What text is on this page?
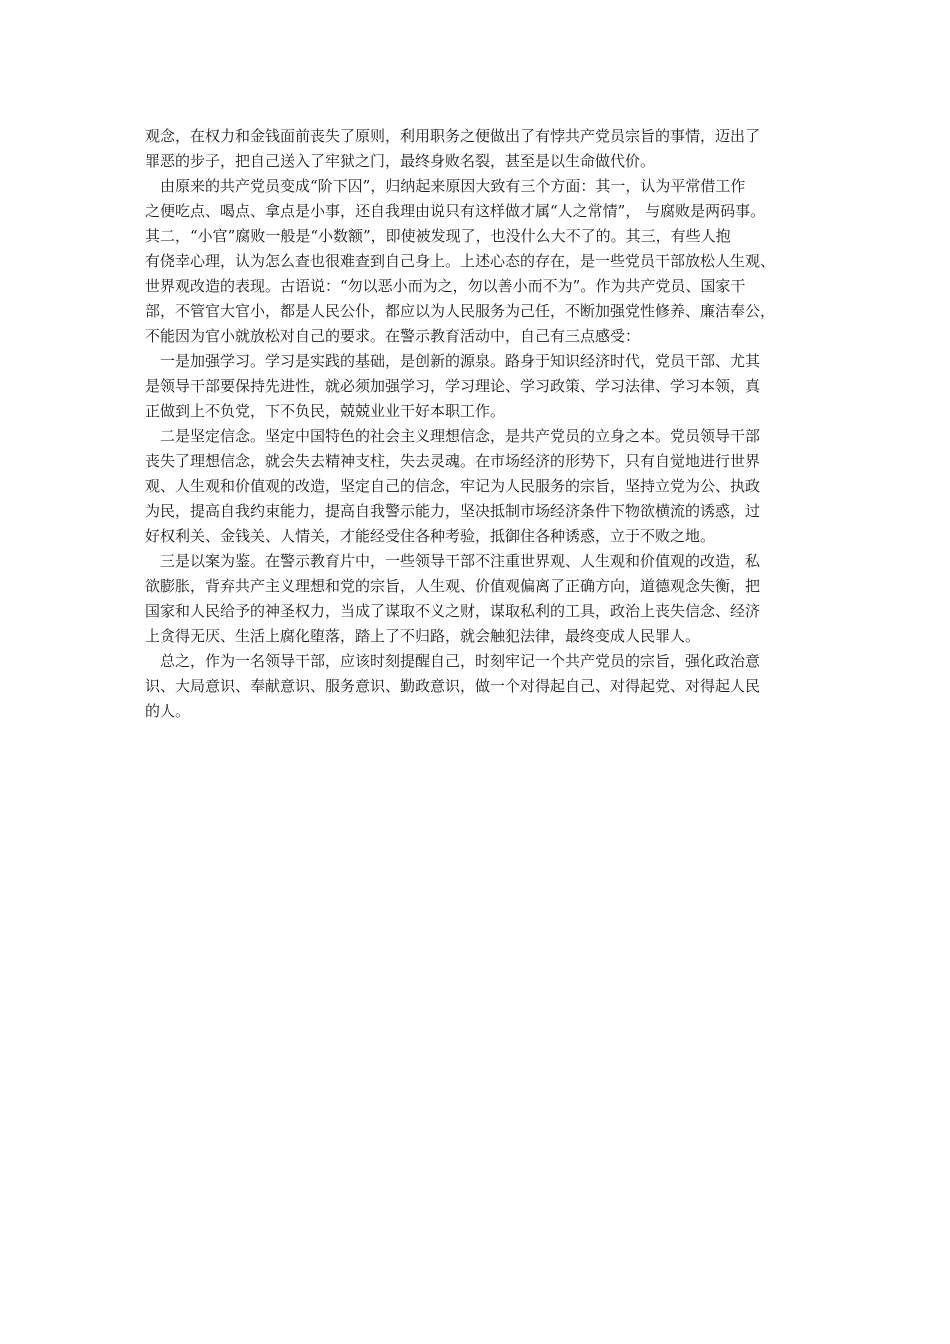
观念，在权力和金钱面前丧失了原则，利用职务之便做出了有悖共产党员宗旨的事情，迈出了
罪恶的步子，把自己送入了牢狱之门，最终身败名裂，甚至是以生命做代价。
由原来的共产党员变成“阶下囚”，归纳起来原因大致有三个方面：其一，认为平常借工作
之便吃点、喝点、拿点是小事，还自我理由说只有这样做才属“人之常情”， 与腐败是两码事。
其二，“小官”腐败一般是“小数额”，即使被发现了，也没什么大不了的。其三，有些人抱
有侥幸心理，认为怎么查也很难查到自己身上。上述心态的存在，是一些党员干部放松人生观、
世界观改造的表现。古语说：“勿以恶小而为之，勿以善小而不为”。作为共产党员、国家干
部，不管官大官小，都是人民公仆，都应以为人民服务为己任，不断加强党性修养、廉洁奉公，
不能因为官小就放松对自己的要求。在警示教育活动中，自己有三点感受：
一是加强学习。学习是实践的基础，是创新的源泉。路身于知识经济时代，党员干部、尤其
是领导干部要保持先进性，就必须加强学习，学习理论、学习政策、学习法律、学习本领，真
正做到上不负党，下不负民，兢兢业业干好本职工作。
二是坚定信念。坚定中国特色的社会主义理想信念，是共产党员的立身之本。党员领导干部
丧失了理想信念，就会失去精神支柱，失去灵魂。在市场经济的形势下，只有自觉地进行世界
观、人生观和价值观的改造，坚定自己的信念，牢记为人民服务的宗旨，坚持立党为公、执政
为民，提高自我约束能力，提高自我警示能力，坚决抵制市场经济条件下物欲横流的诱惑，过
好权利关、金钱关、人情关，才能经受住各种考验，抵御住各种诱惑，立于不败之地。
三是以案为鉴。在警示教育片中，一些领导干部不注重世界观、人生观和价值观的改造，私
欲膨胀，背弃共产主义理想和党的宗旨，人生观、价值观偏离了正确方向，道德观念失衡，把
国家和人民给予的神圣权力，当成了谋取不义之财，谋取私利的工具，政治上丧失信念、经济
上贪得无厌、生活上腐化堕落，踏上了不归路，就会触犯法律，最终变成人民罪人。
总之，作为一名领导干部，应该时刻提醒自己，时刻牢记一个共产党员的宗旨，强化政治意
识、大局意识、奉献意识、服务意识、勤政意识，做一个对得起自己、对得起党、对得起人民
的人。
